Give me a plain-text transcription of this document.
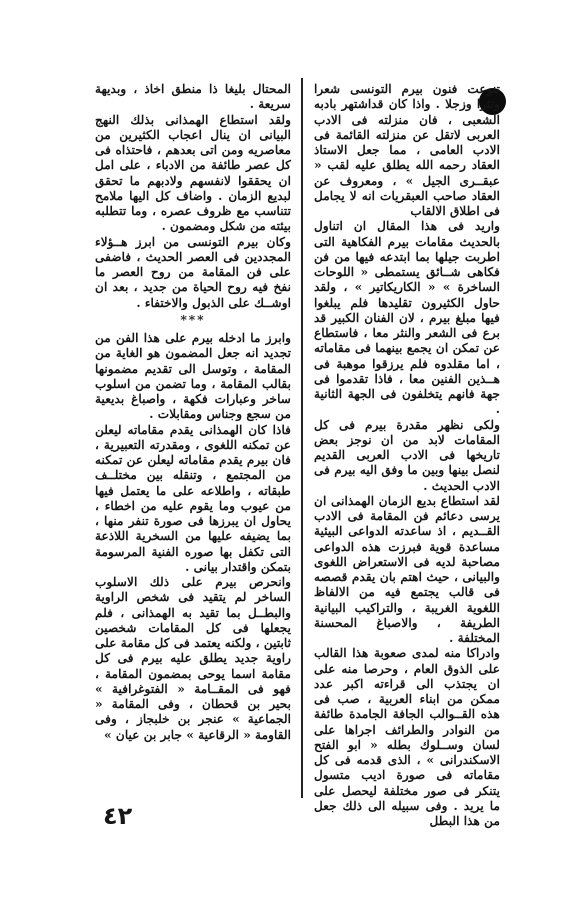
تنوعت فنون بيرم التونسى شعرا ونثرا وزجلا . واذا كان قداشتهر بادبه الشعبى ، فان منزلته فى الادب العربى لاتقل عن منزلته القائمة فى الادب العامى ، مما جعل الاستاذ العقاد رحمه الله يطلق عليه لقب « عبقــرى الجيل » ، ومعروف عن العقاد صاحب العبقريات انه لا يجامل فى اطلاق الالقاب

واريد فى هذا المقال ان اتناول بالحديث مقامات بيرم الفكاهية التى اطربت جيلها بما ابتدعه فيها من فن فكاهى شــائق يستمطى « اللوحات الساخرة » « الكاريكاتير » ، ولقد حاول الكثيرون تقليدها فلم يبلغوا فيها مبلغ بيرم ، لان الفنان الكبير قد برع فى الشعر والنثر معا ، فاستطاع عن تمكن ان يجمع بينهما فى مقاماته ، اما مقلدوه فلم يرزقوا موهبة فى هــذين الفنين معا ، فاذا تقدموا فى جهة فانهم يتخلفون فى الجهة الثانية .

ولكى نظهر مقدرة بيرم فى كل المقامات لابد من ان نوجز بعض تاريخها فى الادب العربى القديم لنصل بينها وبين ما وفق اليه بيرم فى الادب الحديث .

لقد استطاع بديع الزمان الهمذانى ان يرسى دعائم فن المقامة فى الادب القــديم ، اذ ساعدته الدواعى البيئية مساعدة قوية فبرزت هذه الدواعى مصاحبة لديه فى الاستعراض اللغوى والبيانى ، حيث اهتم بان يقدم قصصه فى قالب يجتمع فيه من الالفاظ اللغوية الغريبة ، والتراكيب البيانية الطريفة ، والاصباغ المحسنة المختلفة .

وادراكا منه لمدى صعوبة هذا القالب على الذوق العام ، وحرصا منه على ان يجتذب الى قراءته اكبر عدد ممكن من ابناء العربية ، صب فى هذه القــوالب الجافة الجامدة طائفة من النوادر والطرائف اجراها على لسان وســلوك بطله « ابو الفتح الاسكندرانى » ، الذى قدمه فى كل مقاماته فى صورة اديب متسول يتنكر فى صور مختلفة ليحصل على ما يريد . وفى سبيله الى ذلك جعل من هذا البطل

المحتال بليغا ذا منطق اخاذ ، وبديهة سريعة .

ولقد استطاع الهمذانى بذلك النهج البيانى ان ينال اعجاب الكثيرين من معاصريه ومن اتى بعدهم ، فاحتذاه فى كل عصر طائفة من الادباء ، على امل ان يحققوا لانفسهم ولادبهم ما تحقق لبديع الزمان . واضاف كل اليها ملامح تتناسب مع ظروف عصره ، وما تتطلبه بيئته من شكل ومضمون .

وكان بيرم التونسى من ابرز هــؤلاء المجددين فى العصر الحديث ، فاضفى على فن المقامة من روح العصر ما نفخ فيه روح الحياة من جديد ، بعد ان اوشــك على الذبول والاختفاء .

***

وابرز ما ادخله بيرم على هذا الفن من تجديد انه جعل المضمون هو الغاية من المقامة ، وتوسل الى تقديم مضمونها بقالب المقامة ، وما تضمن من اسلوب ساخر وعبارات فكهة ، واصباغ بديعية من سجع وجناس ومقابلات .

فاذا كان الهمذانى يقدم مقاماته ليعلن عن تمكنه اللغوى ، ومقدرته التعبيرية ، فان بيرم يقدم مقاماته ليعلن عن تمكنه من المجتمع ، وتنقله بين مختلــف طبقاته ، واطلاعه على ما يعتمل فيها من عيوب وما يقوم عليه من اخطاء ، يحاول ان يبرزها فى صورة تنفر منها ، بما يضيفه عليها من السخرية اللاذعة التى تكفل بها صوره الفنية المرسومة بتمكن واقتدار بيانى .

وانحرص بيرم على ذلك الاسلوب الساخر لم يتقيد فى شخص الراوية والبطــل بما تقيد به الهمذانى ، فلم يجعلها فى كل المقامات شخصين ثابتين ، ولكنه يعتمد فى كل مقامة على راوية جديد يطلق عليه بيرم فى كل مقامة اسما يوحى بمضمون المقامة ، فهو فى المقــامة « الفتوغرافية » بحير بن قحطان ، وفى المقامة « الجماعية » عنجر بن خلبجاز ، وفى القاومة « الرقاعية » جابر بن عيان »

٤٢
